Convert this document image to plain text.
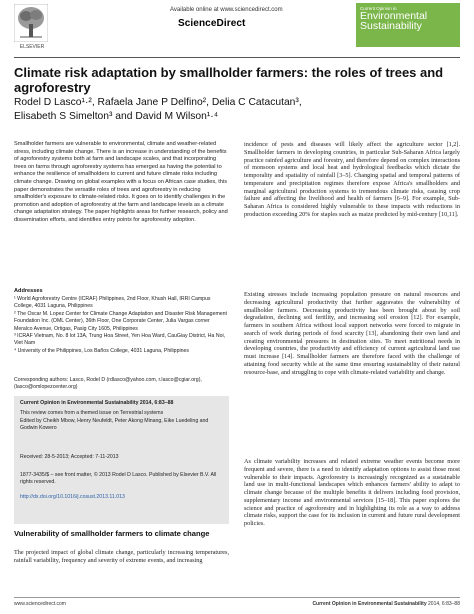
ELSEVIER
Available online at www.sciencedirect.com
ScienceDirect
Current Opinion in
Environmental
Sustainability
Climate risk adaptation by smallholder farmers: the roles of trees and agroforestry
Rodel D Lasco¹·², Rafaela Jane P Delfino², Delia C Catacutan³,
Elisabeth S Simelton³ and David M Wilson¹·⁴
Smallholder farmers are vulnerable to environmental, climate and weather-related stress, including climate change. There is an increase in understanding of the benefits of agroforestry systems both at farm and landscape scales, and that incorporating trees on farms through agroforestry systems has emerged as having the potential to enhance the resilience of smallholders to current and future climate risks including climate change. Drawing on global examples with a focus on African case studies, this paper demonstrates the versatile roles of trees and agroforestry in reducing smallholder's exposure to climate-related risks. It goes on to identify challenges in the promotion and adoption of agroforestry at the farm and landscape levels as a climate change adaptation strategy. The paper highlights areas for further research, policy and dissemination efforts, and identifies entry points for agroforestry adoption.
Addresses
¹ World Agroforestry Centre (ICRAF) Philippines, 2nd Floor, Khush Hall, IRRI Campus College, 4031 Laguna, Philippines
² The Oscar M. Lopez Center for Climate Change Adaptation and Disaster Risk Management Foundation Inc. (OML Center), 36th Floor, One Corporate Center, Julia Vargas corner Meralco Avenue, Ortigas, Pasig City 1605, Philippines
³ ICRAF Vietnam, No. 8 lot 13A, Trung Hoa Street, Yen Hoa Ward, CauGiay District, Ha Noi, Viet Nam
⁴ University of the Philippines, Los Baños College, 4031 Laguna, Philippines
Corresponding authors: Lasco, Rodel D (rdlasco@yahoo.com, r.lasco@cgiar.org), (lasco@omlopezcenter.org)
Current Opinion in Environmental Sustainability 2014, 6:83–88
This review comes from a themed issue on Terrestrial systems
Edited by Cheikh Mbow, Henry Neufeldt, Peter Akong Minang, Eike Luedeling and Godwin Kowero
Received: 28-5-2013; Accepted: 7-11-2013
1877-3435/$ – see front matter, © 2013 Rodel D Lasco. Published by Elsevier B.V. All rights reserved.
http://dx.doi.org/10.1016/j.cosust.2013.11.013
Vulnerability of smallholder farmers to climate change
The projected impact of global climate change, particularly increasing temperatures, rainfall variability, frequency and severity of extreme events, and increasing
incidence of pests and diseases will likely affect the agriculture sector [1,2]. Smallholder farmers in developing countries, in particular Sub-Saharan Africa largely practice rainfed agriculture and forestry, and therefore depend on complex interactions of monsoon systems and local heat and hydrological feedbacks which dictate the temporality and spatiality of rainfall [3–5]. Changing spatial and temporal patterns of temperature and precipitation regimes therefore expose Africa's smallholders and marginal agricultural production systems to tremendous climate risks, causing crop failure and affecting the livelihood and health of farmers [6–9]. For example, Sub-Saharan Africa is considered highly vulnerable to these impacts with reductions in production exceeding 20% for staples such as maize predicted by mid-century [10,11].
Existing stresses include increasing population pressure on natural resources and decreasing agricultural productivity that further aggravates the vulnerability of smallholder farmers. Decreasing productivity has been brought about by soil degradation, declining soil fertility, and increasing soil erosion [12]. For example, farmers in southern Africa without local support networks were forced to migrate in search of work during periods of food scarcity [13], abandoning their own land and creating environmental pressures in destination sites. To meet nutritional needs in developing countries, the productivity and efficiency of current agricultural land use must increase [14]. Smallholder farmers are therefore faced with the challenge of attaining food security while at the same time ensuring sustainability of their natural resource-base, and struggling to cope with climate-related variability and change.
As climate variability increases and related extreme weather events become more frequent and severe, there is a need to identify adaptation options to assist those most vulnerable to their impacts. Agroforestry is increasingly recognized as a sustainable land use in multi-functional landscapes which enhances farmers' ability to adapt to climate change because of the multiple benefits it delivers including food provision, supplementary income and environmental services [15–18]. This paper explores the science and practice of agroforestry and in highlighting its role as a way to address climate risks, support the case for its inclusion in current and future rural development policies.
www.sciencedirect.com	Current Opinion in Environmental Sustainability 2014, 6:83–88
